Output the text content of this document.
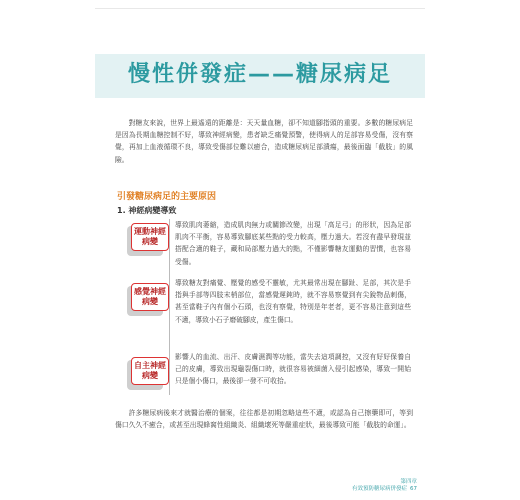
慢性併發症——糖尿病足
對糖友來說，世界上最遙遠的距離是：天天量血糖，卻不知道腳指頭的重要。多數的糖尿病足是因為長期血糖控制不好，導致神經病變，患者缺乏痛覺預警，使得病人的足部容易受傷，沒有察覺，再加上血液循環不良，導致受傷部位難以癒合，造成糖尿病足部潰瘍，最後面臨「截肢」的風險。
引發糖尿病足的主要原因
1. 神經病變導致
運動神經病變
導致肌肉萎縮，造成肌肉無力或關節改變，出現「高足弓」的形狀，因為足部肌肉不平衡，容易導致腳底某些點的受力較高，壓力過大。若沒有盡早發現並搭配合適的鞋子，藏和局部壓力過大的點，不僅影響糖友運動的習慣，也容易受傷。
感覺神經病變
導致糖友對痛覺、壓覺的感受不靈敏，尤其最常出現在腳趾、足部，其次是手指與手部等四肢末梢部位，當感覺遲鈍時，就不容易察覺到有尖銳物品刺傷，甚至當鞋子內有個小石頭，也沒有察覺，特別是年老者，更不容易注意到這些不適，導致小石子磨破腳皮，產生傷口。
自主神經病變
影響人的血流、出汗、皮膚濕潤等功能，當失去這項調控，又沒有好好保養自己的皮膚，導致出現龜裂傷口時，就很容易被細菌入侵引起感染，導致一開始只是個小傷口，最後卻一發不可收拾。
許多糖尿病後來才就醫治療的個案，往往都是初期忽略這些不適，或認為自己擦藥即可，等到傷口久久不癒合，或甚至出現蜂窩性組織炎、組織壞死等嚴重症狀，最後導致可能「截肢的命運」。
第四章
有效預防糖尿病併發症 67
